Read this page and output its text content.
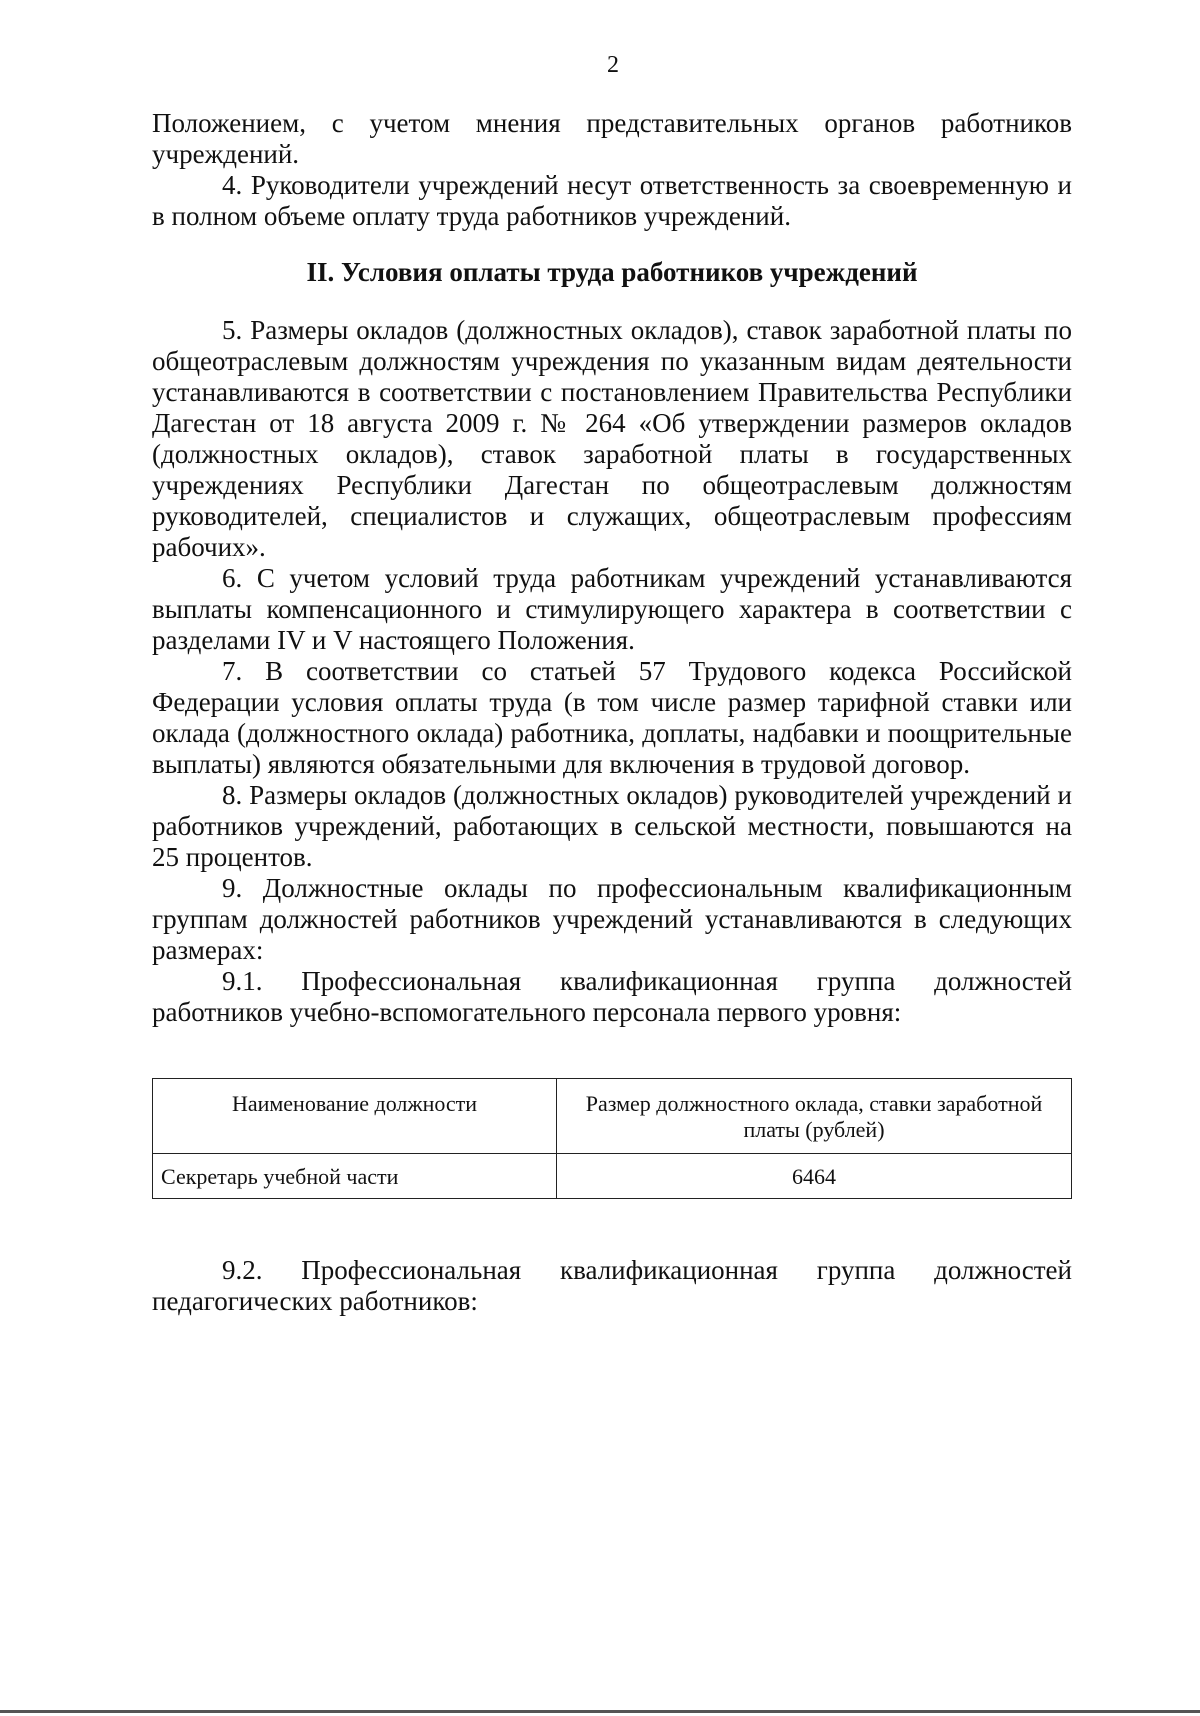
2

Положением, с учетом мнения представительных органов работников учреждений.

4. Руководители учреждений несут ответственность за своевременную и в полном объеме оплату труда работников учреждений.

II. Условия оплаты труда работников учреждений

5. Размеры окладов (должностных окладов), ставок заработной платы по общеотраслевым должностям учреждения по указанным видам деятельности устанавливаются в соответствии с постановлением Правительства Республики Дагестан от 18 августа 2009 г. № 264 «Об утверждении размеров окладов (должностных окладов), ставок заработной платы в государственных учреждениях Республики Дагестан по общеотраслевым должностям руководителей, специалистов и служащих, общеотраслевым профессиям рабочих».

6. С учетом условий труда работникам учреждений устанавливаются выплаты компенсационного и стимулирующего характера в соответствии с разделами IV и V настоящего Положения.

7. В соответствии со статьей 57 Трудового кодекса Российской Федерации условия оплаты труда (в том числе размер тарифной ставки или оклада (должностного оклада) работника, доплаты, надбавки и поощрительные выплаты) являются обязательными для включения в трудовой договор.

8. Размеры окладов (должностных окладов) руководителей учреждений и работников учреждений, работающих в сельской местности, повышаются на 25 процентов.

9. Должностные оклады по профессиональным квалификационным группам должностей работников учреждений устанавливаются в следующих размерах:

9.1. Профессиональная квалификационная группа должностей работников учебно-вспомогательного персонала первого уровня:

Наименование должности	Размер должностного оклада, ставки заработной платы (рублей)
Секретарь учебной части	6464

9.2. Профессиональная квалификационная группа должностей педагогических работников:
